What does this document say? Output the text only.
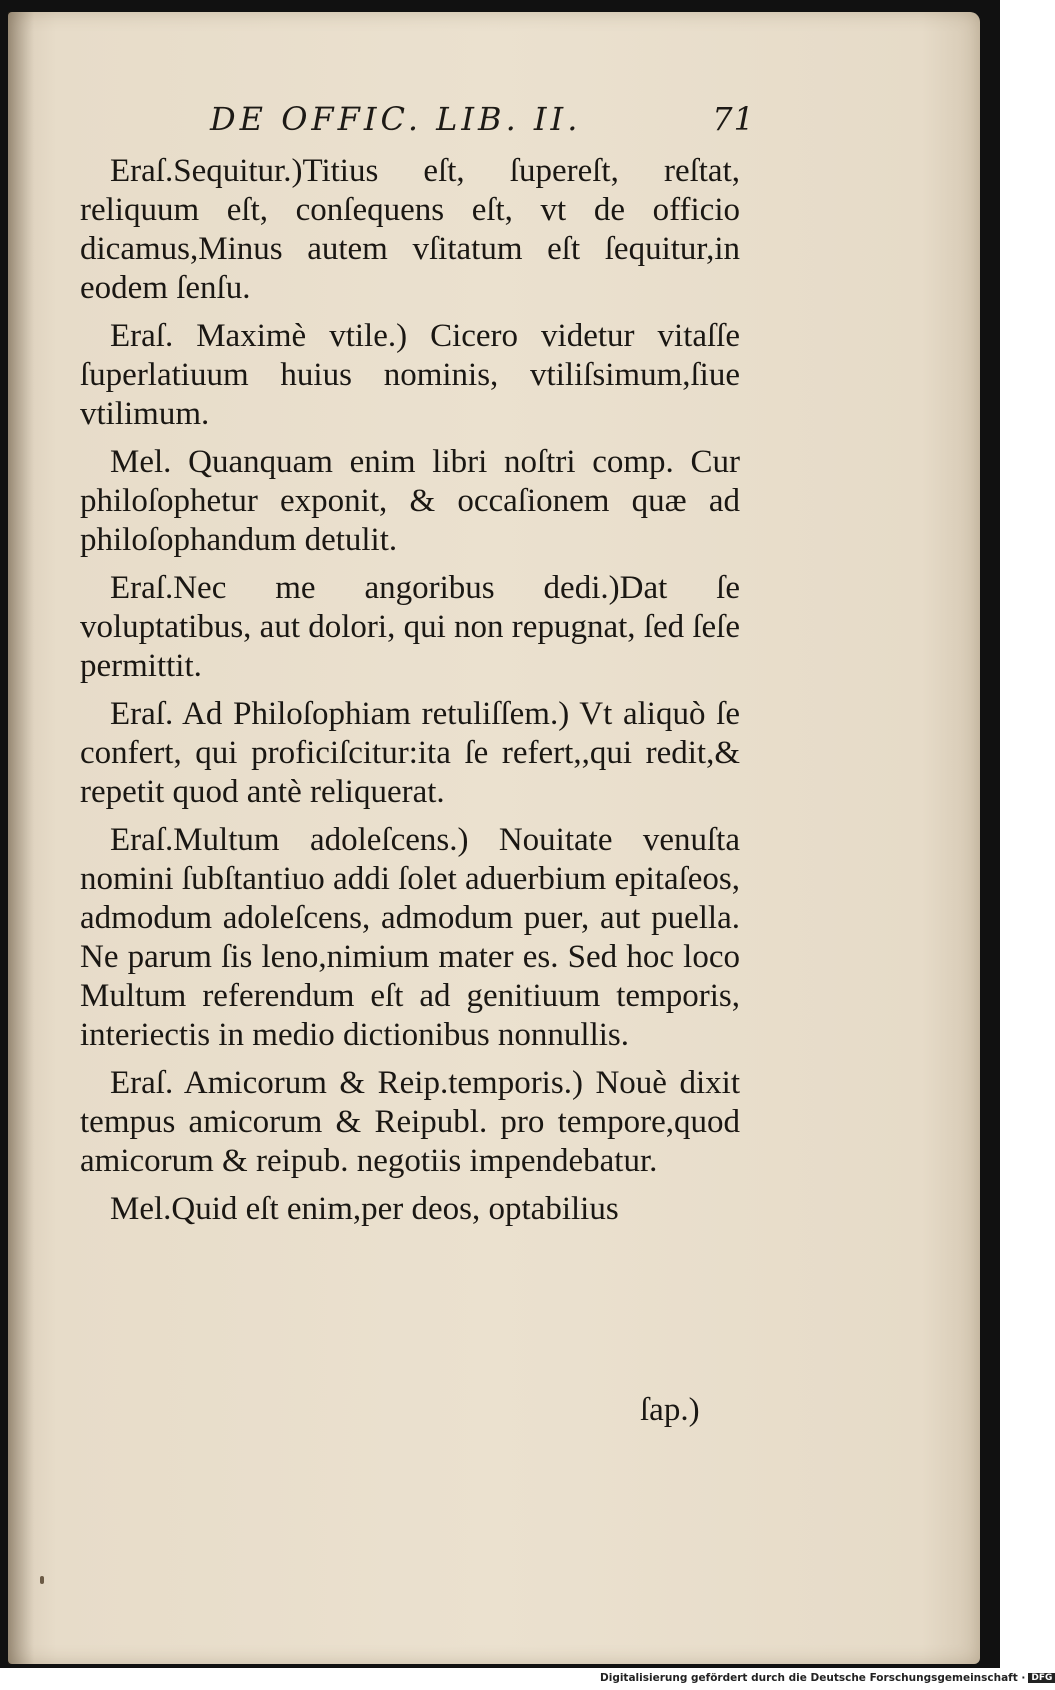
DE OFFIC. LIB. II.	71

Eraſ.Sequitur.)Titius eſt, ſupereſt, reſtat, reliquum eſt, conſequens eſt, vt de officio dicamus,Minus autem vſitatum eſt ſequitur,in eodem ſenſu.

Eraſ. Maximè vtile.) Cicero videtur vitaſſe ſuperlatiuum huius nominis, vtiliſsimum,ſiue vtilimum.

Mel. Quanquam enim libri noſtri comp. Cur philoſophetur exponit, & occaſionem quæ ad philoſophandum detulit.

Eraſ.Nec me angoribus dedi.)Dat ſe voluptatibus, aut dolori, qui non repugnat, ſed ſeſe permittit.

Eraſ. Ad Philoſophiam retuliſſem.) Vt aliquò ſe confert, qui proficiſcitur:ita ſe refert,,qui redit,& repetit quod antè reliquerat.

Eraſ.Multum adoleſcens.) Nouitate venuſta nomini ſubſtantiuo addi ſolet aduerbium epitaſeos, admodum adoleſcens, admodum puer, aut puella. Ne parum ſis leno,nimium mater es. Sed hoc loco Multum referendum eſt ad genitiuum temporis, interiectis in medio dictionibus nonnullis.

Eraſ. Amicorum & Reip.temporis.) Nouè dixit tempus amicorum & Reipubl. pro tempore,quod amicorum & reipub. negotiis impendebatur.

Mel.Quid eſt enim,per deos, optabilius

ſap.)
Digitalisierung gefördert durch die Deutsche Forschungsgemeinschaft · DFG
